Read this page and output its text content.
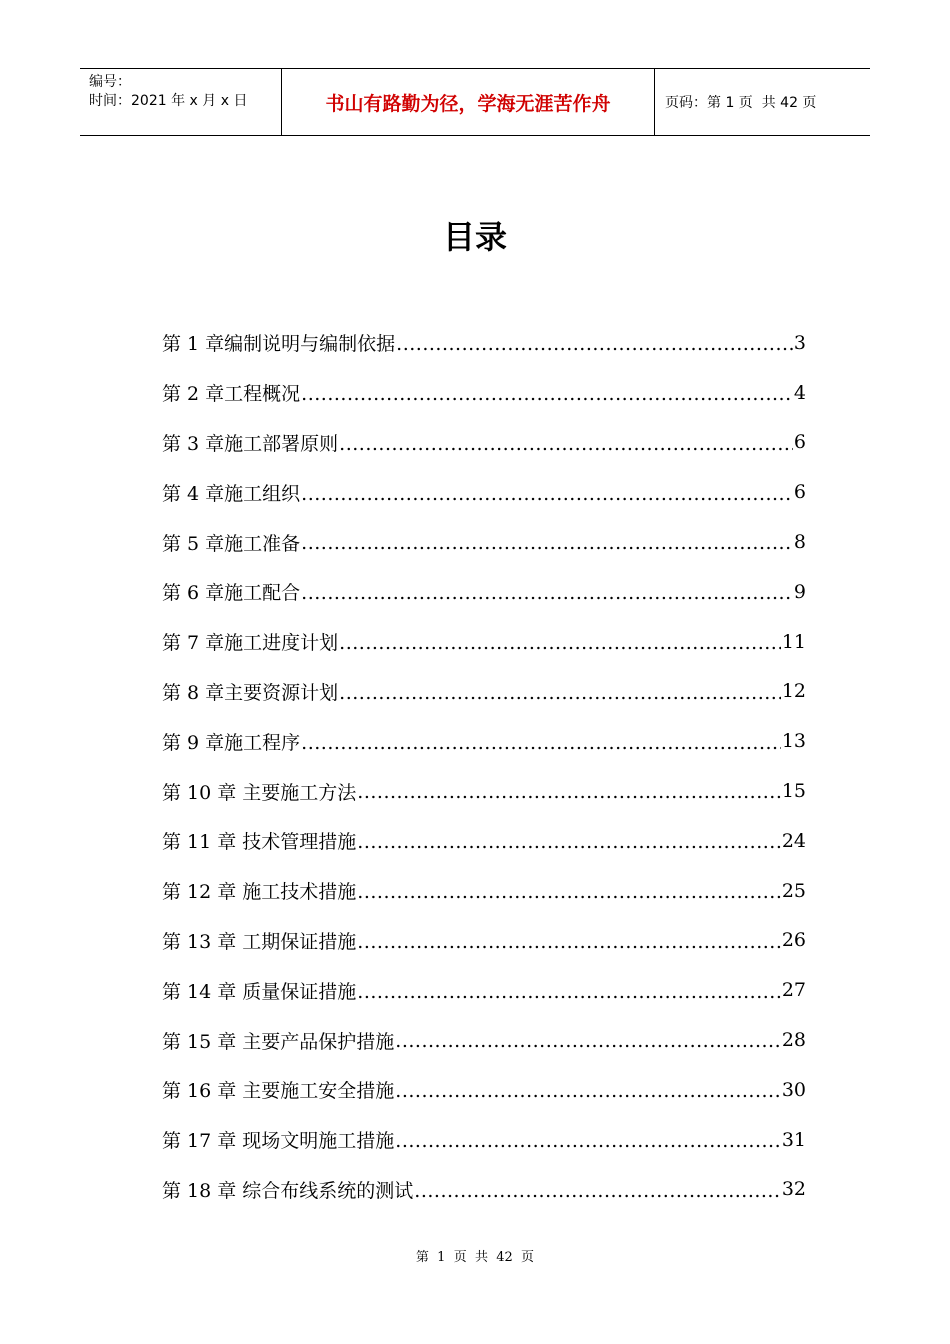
编号：
时间：2021 年 x 月 x 日	书山有路勤为径，学海无涯苦作舟	页码：第 1 页  共 42 页
目录
第 1 章编制说明与编制依据 .....	3
第 2 章工程概况 .....	4
第 3 章施工部署原则 .....	6
第 4 章施工组织 .....	6
第 5 章施工准备 .....	8
第 6 章施工配合 .....	9
第 7 章施工进度计划 .....	11
第 8 章主要资源计划 .....	12
第 9 章施工程序 .....	13
第 10 章 主要施工方法 .....	15
第 11 章 技术管理措施 .....	24
第 12 章 施工技术措施 .....	25
第 13 章 工期保证措施 .....	26
第 14 章 质量保证措施 .....	27
第 15 章 主要产品保护措施 .....	28
第 16 章 主要施工安全措施 .....	30
第 17 章 现场文明施工措施 .....	31
第 18 章 综合布线系统的测试 .....	32
第  1  页  共  42  页
